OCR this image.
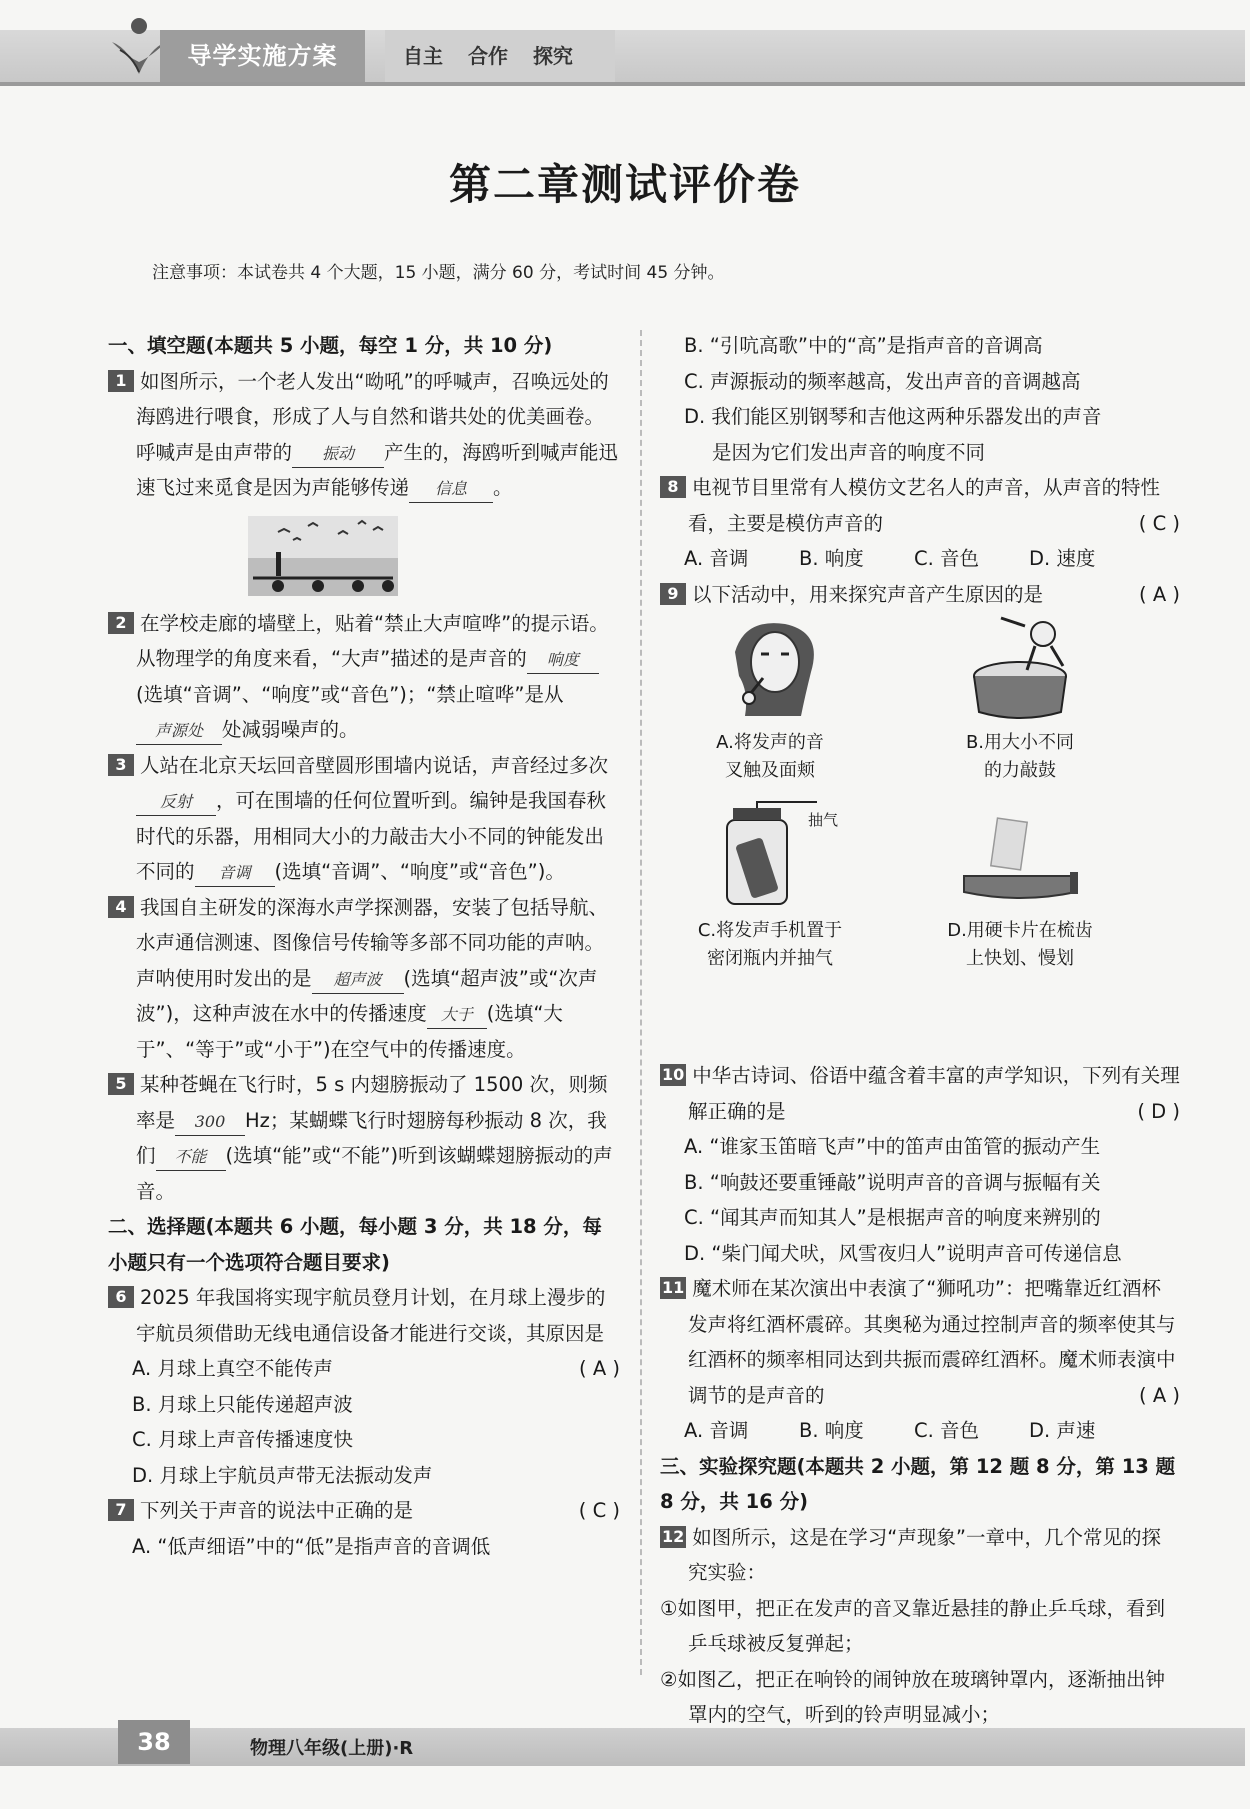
导学实施方案	自主 合作 探究
第二章测试评价卷
注意事项：本试卷共 4 个大题，15 小题，满分 60 分，考试时间 45 分钟。
一、填空题(本题共 5 小题，每空 1 分，共 10 分)
1 如图所示，一个老人发出“呦吼”的呼喊声，召唤远处的海鸥进行喂食，形成了人与自然和谐共处的优美画卷。呼喊声是由声带的 振动 产生的，海鸥听到喊声能迅速飞过来觅食是因为声能够传递 信息 。
2 在学校走廊的墙壁上，贴着“禁止大声喧哗”的提示语。从物理学的角度来看，“大声”描述的是声音的 响度(选填“音调”、“响度”或“音色”)；“禁止喧哗”是从声源处 处减弱噪声的。
3 人站在北京天坛回音壁圆形围墙内说话，声音经过多次反射 ，可在围墙的任何位置听到。编钟是我国春秋时代的乐器，用相同大小的力敲击大小不同的钟能发出不同的 音调 (选填“音调”、“响度”或“音色”)。
4 我国自主研发的深海水声学探测器，安装了包括导航、水声通信测速、图像信号传输等多部不同功能的声呐。声呐使用时发出的是 超声波 (选填“超声波”或“次声波”)，这种声波在水中的传播速度 大于 (选填“大于”、“等于”或“小于”)在空气中的传播速度。
5 某种苍蝇在飞行时，5 s 内翅膀振动了 1500 次，则频率是 300 Hz；某蝴蝶飞行时翅膀每秒振动 8 次，我们 不能 (选填“能”或“不能”)听到该蝴蝶翅膀振动的声音。
二、选择题(本题共 6 小题，每小题 3 分，共 18 分，每小题只有一个选项符合题目要求)
6 2025 年我国将实现宇航员登月计划，在月球上漫步的宇航员须借助无线电通信设备才能进行交谈，其原因是
( A )
A. 月球上真空不能传声
B. 月球上只能传递超声波
C. 月球上声音传播速度快
D. 月球上宇航员声带无法振动发声
7 下列关于声音的说法中正确的是	( C )
A. “低声细语”中的“低”是指声音的音调低
B. “引吭高歌”中的“高”是指声音的音调高
C. 声源振动的频率越高，发出声音的音调越高
D. 我们能区别钢琴和吉他这两种乐器发出的声音
是因为它们发出声音的响度不同
8 电视节目里常有人模仿文艺名人的声音，从声音的特性看，主要是模仿声音的	( C )
A. 音调	B. 响度	C. 音色	D. 速度
9 以下活动中，用来探究声音产生原因的是	( A )
A.将发声的音
叉触及面颊
B.用大小不同
的力敲鼓
抽气
C.将发声手机置于
密闭瓶内并抽气
D.用硬卡片在梳齿
上快划、慢划
10 中华古诗词、俗语中蕴含着丰富的声学知识，下列有关理解正确的是	( D )
A. “谁家玉笛暗飞声”中的笛声由笛管的振动产生
B. “响鼓还要重锤敲”说明声音的音调与振幅有关
C. “闻其声而知其人”是根据声音的响度来辨别的
D. “柴门闻犬吠，风雪夜归人”说明声音可传递信息
11 魔术师在某次演出中表演了“狮吼功”：把嘴靠近红酒杯发声将红酒杯震碎。其奥秘为通过控制声音的频率使其与红酒杯的频率相同达到共振而震碎红酒杯。魔术师表演中调节的是声音的	( A )
A. 音调	B. 响度	C. 音色	D. 声速
三、实验探究题(本题共 2 小题，第 12 题 8 分，第 13 题 8 分，共 16 分)
12 如图所示，这是在学习“声现象”一章中，几个常见的探究实验：
①如图甲，把正在发声的音叉靠近悬挂的静止乒乓球，看到乒乓球被反复弹起；
②如图乙，把正在响铃的闹钟放在玻璃钟罩内，逐渐抽出钟罩内的空气，听到的铃声明显减小；
38	物理八年级(上册)·R
